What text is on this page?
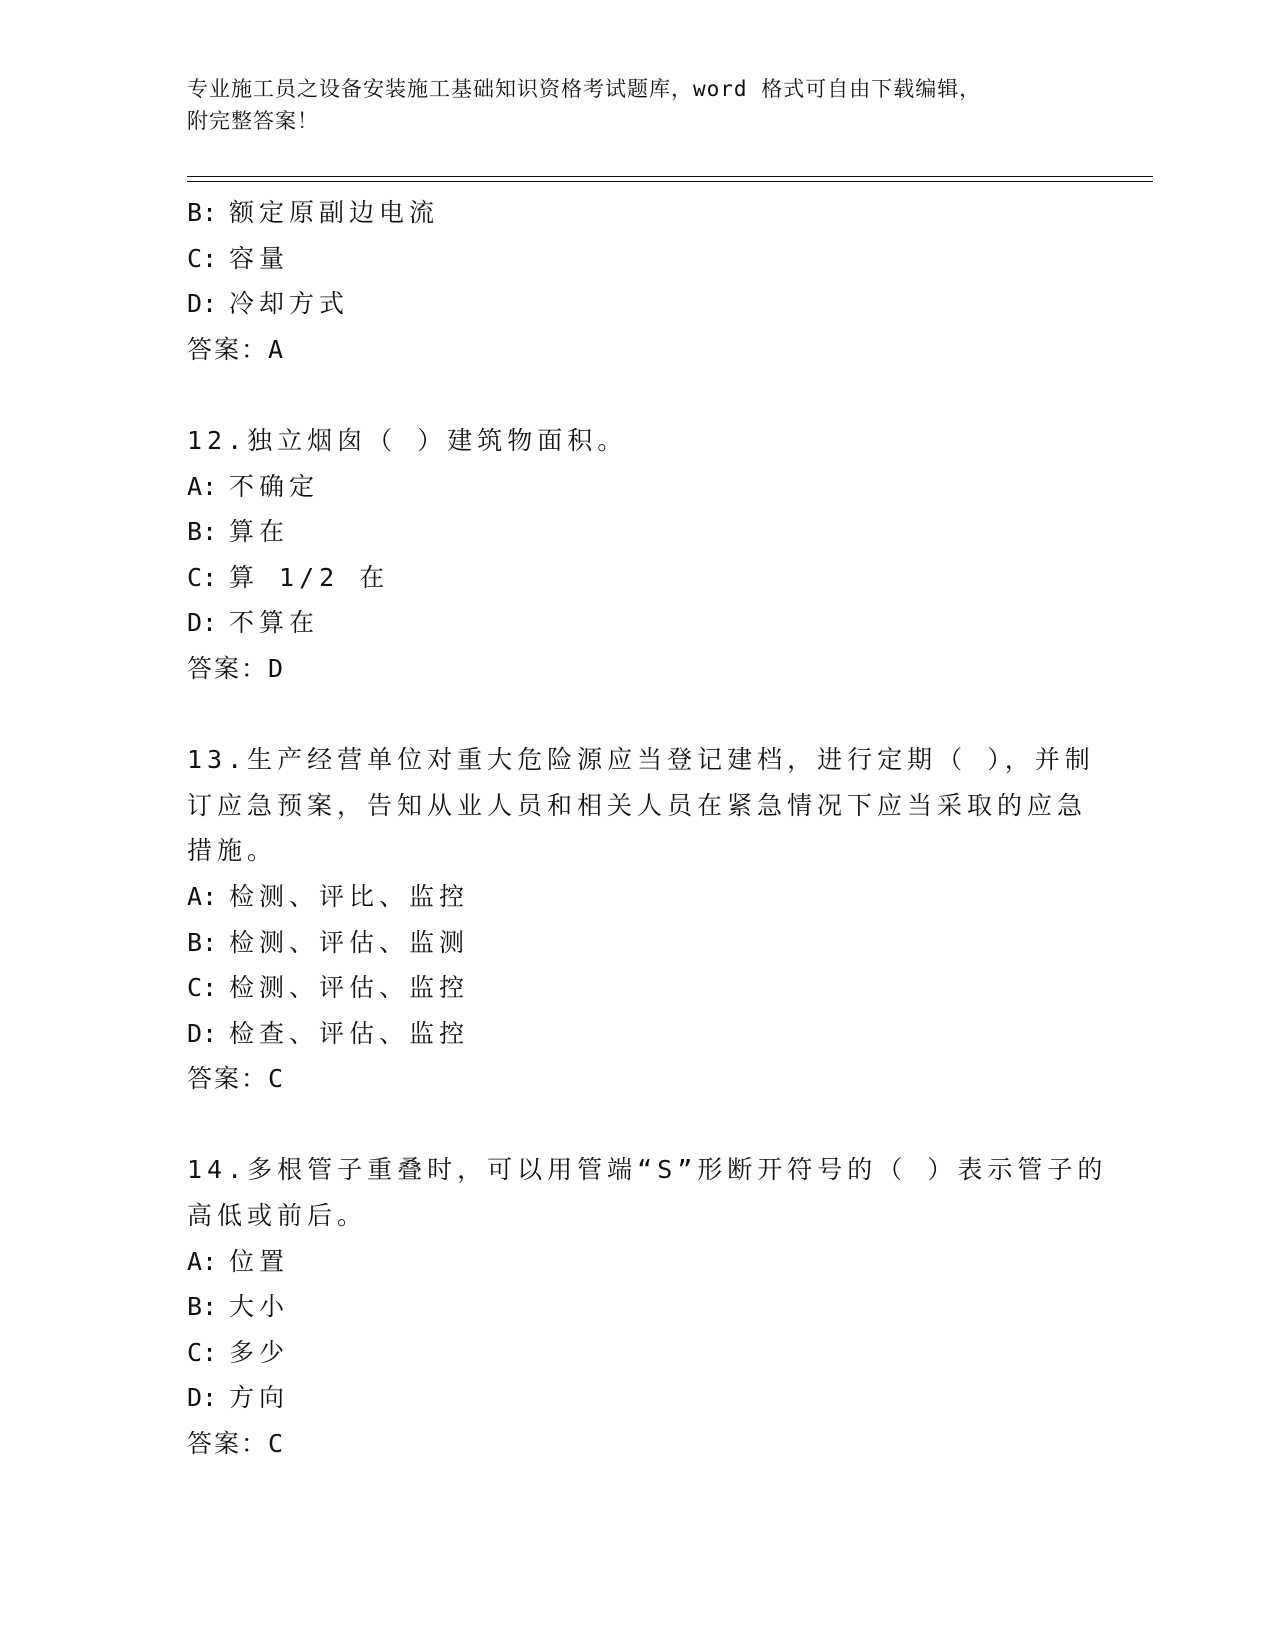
专业施工员之设备安装施工基础知识资格考试题库，word 格式可自由下载编辑，
附完整答案！
B: 额定原副边电流
C: 容量
D: 冷却方式
答案：A
12.独立烟囱（ ）建筑物面积。
A: 不确定
B: 算在
C: 算 1/2 在
D: 不算在
答案：D
13.生产经营单位对重大危险源应当登记建档，进行定期（ ），并制
订应急预案，告知从业人员和相关人员在紧急情况下应当采取的应急
措施。
A: 检测、评比、监控
B: 检测、评估、监测
C: 检测、评估、监控
D: 检查、评估、监控
答案：C
14.多根管子重叠时，可以用管端“S”形断开符号的（ ）表示管子的
高低或前后。
A: 位置
B: 大小
C: 多少
D: 方向
答案：C
